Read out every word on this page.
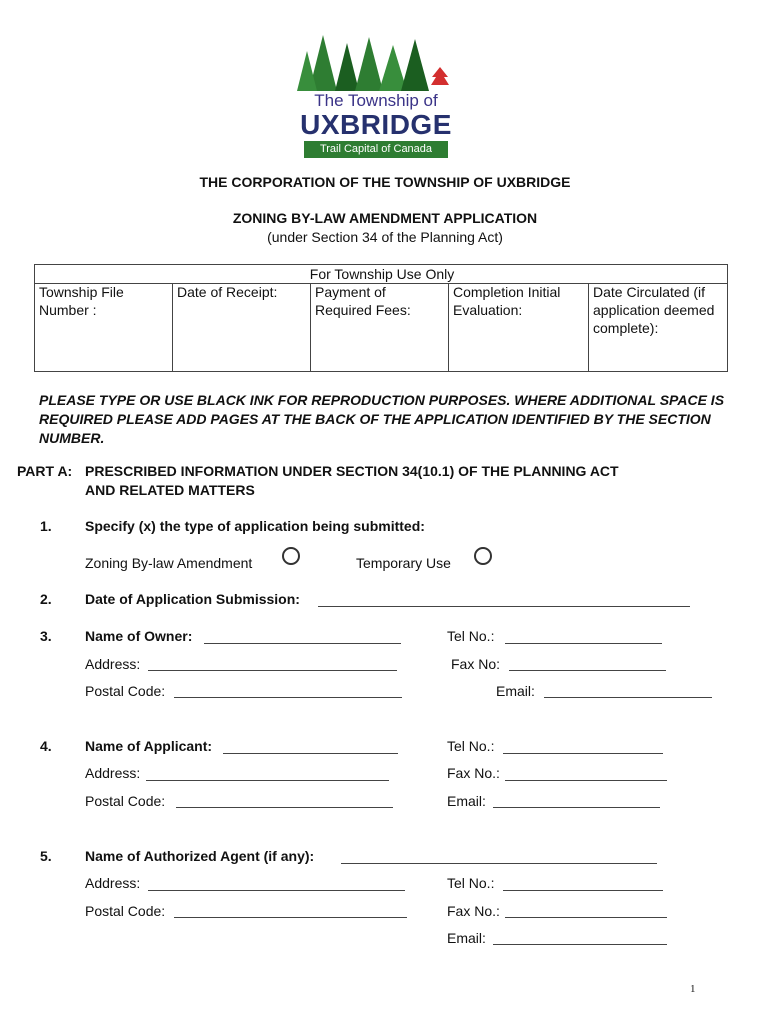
The Township of
UXBRIDGE
Trail Capital of Canada
THE CORPORATION OF THE TOWNSHIP OF UXBRIDGE
ZONING BY-LAW AMENDMENT APPLICATION
(under Section 34 of the Planning Act)
For Township Use Only
Township File Number :
Date of Receipt:	Payment of Required Fees:
Completion Initial Evaluation:
Date Circulated (if application deemed complete):
PLEASE TYPE OR USE BLACK INK FOR REPRODUCTION PURPOSES. WHERE ADDITIONAL SPACE IS REQUIRED PLEASE ADD PAGES AT THE BACK OF THE APPLICATION IDENTIFIED BY THE SECTION NUMBER.
PART A: PRESCRIBED INFORMATION UNDER SECTION 34(10.1) OF THE PLANNING ACT
AND RELATED MATTERS
1. Specify (x) the type of application being submitted:
Zoning By-law Amendment	Temporary Use
2. Date of Application Submission:
3. Name of Owner:
Address:
Postal Code:
Tel No.:
Fax No:
Email:
4. Name of Applicant:
Address:
Postal Code:
Tel No.:
Fax No.:
Email:
5. Name of Authorized Agent (if any):
Address:
Postal Code:
Tel No.:
Fax No.:
Email:
1
